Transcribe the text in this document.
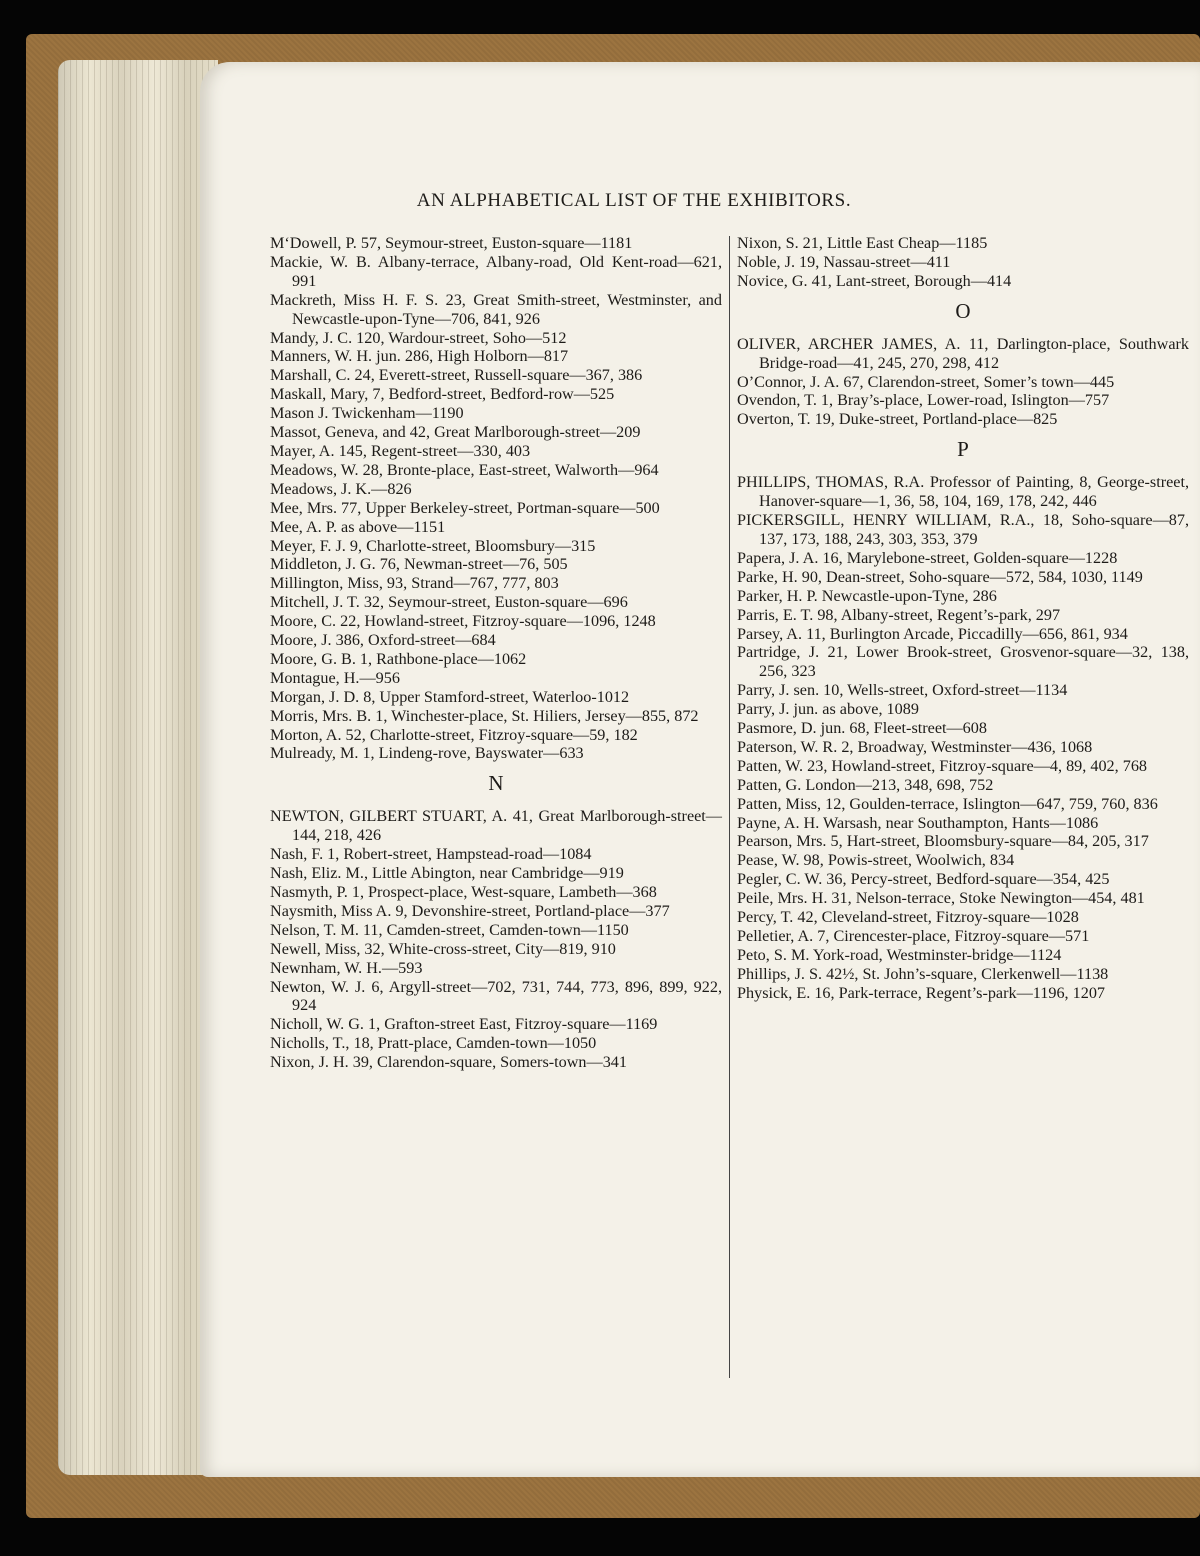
AN ALPHABETICAL LIST OF THE EXHIBITORS.

M‘Dowell, P. 57, Seymour-street, Euston-square—1181

Mackie, W. B. Albany-terrace, Albany-road, Old Kent-road—621, 991

Mackreth, Miss H. F. S. 23, Great Smith-street, Westminster, and Newcastle-upon-Tyne—706, 841, 926

Mandy, J. C. 120, Wardour-street, Soho—512

Manners, W. H. jun. 286, High Holborn—817

Marshall, C. 24, Everett-street, Russell-square—367, 386

Maskall, Mary, 7, Bedford-street, Bedford-row—525

Mason J. Twickenham—1190

Massot, Geneva, and 42, Great Marlborough-street—209

Mayer, A. 145, Regent-street—330, 403

Meadows, W. 28, Bronte-place, East-street, Walworth—964

Meadows, J. K.—826

Mee, Mrs. 77, Upper Berkeley-street, Portman-square—500

Mee, A. P. as above—1151

Meyer, F. J. 9, Charlotte-street, Bloomsbury—315

Middleton, J. G. 76, Newman-street—76, 505

Millington, Miss, 93, Strand—767, 777, 803

Mitchell, J. T. 32, Seymour-street, Euston-square—696

Moore, C. 22, Howland-street, Fitzroy-square—1096, 1248

Moore, J. 386, Oxford-street—684

Moore, G. B. 1, Rathbone-place—1062

Montague, H.—956

Morgan, J. D. 8, Upper Stamford-street, Waterloo-1012

Morris, Mrs. B. 1, Winchester-place, St. Hiliers, Jersey—855, 872

Morton, A. 52, Charlotte-street, Fitzroy-square—59, 182

Mulready, M. 1, Lindeng-rove, Bayswater—633

N

NEWTON, GILBERT STUART, A. 41, Great Marlborough-street—144, 218, 426

Nash, F. 1, Robert-street, Hampstead-road—1084

Nash, Eliz. M., Little Abington, near Cambridge—919

Nasmyth, P. 1, Prospect-place, West-square, Lambeth—368

Naysmith, Miss A. 9, Devonshire-street, Portland-place—377

Nelson, T. M. 11, Camden-street, Camden-town—1150

Newell, Miss, 32, White-cross-street, City—819, 910

Newnham, W. H.—593

Newton, W. J. 6, Argyll-street—702, 731, 744, 773, 896, 899, 922, 924

Nicholl, W. G. 1, Grafton-street East, Fitzroy-square—1169

Nicholls, T., 18, Pratt-place, Camden-town—1050

Nixon, J. H. 39, Clarendon-square, Somers-town—341

Nixon, S. 21, Little East Cheap—1185

Noble, J. 19, Nassau-street—411

Novice, G. 41, Lant-street, Borough—414

O

OLIVER, ARCHER JAMES, A. 11, Darlington-place, Southwark Bridge-road—41, 245, 270, 298, 412

O’Connor, J. A. 67, Clarendon-street, Somer’s town—445

Ovendon, T. 1, Bray’s-place, Lower-road, Islington—757

Overton, T. 19, Duke-street, Portland-place—825

P

PHILLIPS, THOMAS, R.A. Professor of Painting, 8, George-street, Hanover-square—1, 36, 58, 104, 169, 178, 242, 446

PICKERSGILL, HENRY WILLIAM, R.A., 18, Soho-square—87, 137, 173, 188, 243, 303, 353, 379

Papera, J. A. 16, Marylebone-street, Golden-square—1228

Parke, H. 90, Dean-street, Soho-square—572, 584, 1030, 1149

Parker, H. P. Newcastle-upon-Tyne, 286

Parris, E. T. 98, Albany-street, Regent’s-park, 297

Parsey, A. 11, Burlington Arcade, Piccadilly—656, 861, 934

Partridge, J. 21, Lower Brook-street, Grosvenor-square—32, 138, 256, 323

Parry, J. sen. 10, Wells-street, Oxford-street—1134

Parry, J. jun. as above, 1089

Pasmore, D. jun. 68, Fleet-street—608

Paterson, W. R. 2, Broadway, Westminster—436, 1068

Patten, W. 23, Howland-street, Fitzroy-square—4, 89, 402, 768

Patten, G. London—213, 348, 698, 752

Patten, Miss, 12, Goulden-terrace, Islington—647, 759, 760, 836

Payne, A. H. Warsash, near Southampton, Hants—1086

Pearson, Mrs. 5, Hart-street, Bloomsbury-square—84, 205, 317

Pease, W. 98, Powis-street, Woolwich, 834

Pegler, C. W. 36, Percy-street, Bedford-square—354, 425

Peile, Mrs. H. 31, Nelson-terrace, Stoke Newington—454, 481

Percy, T. 42, Cleveland-street, Fitzroy-square—1028

Pelletier, A. 7, Cirencester-place, Fitzroy-square—571

Peto, S. M. York-road, Westminster-bridge—1124

Phillips, J. S. 42½, St. John’s-square, Clerkenwell—1138

Physick, E. 16, Park-terrace, Regent’s-park—1196, 1207
